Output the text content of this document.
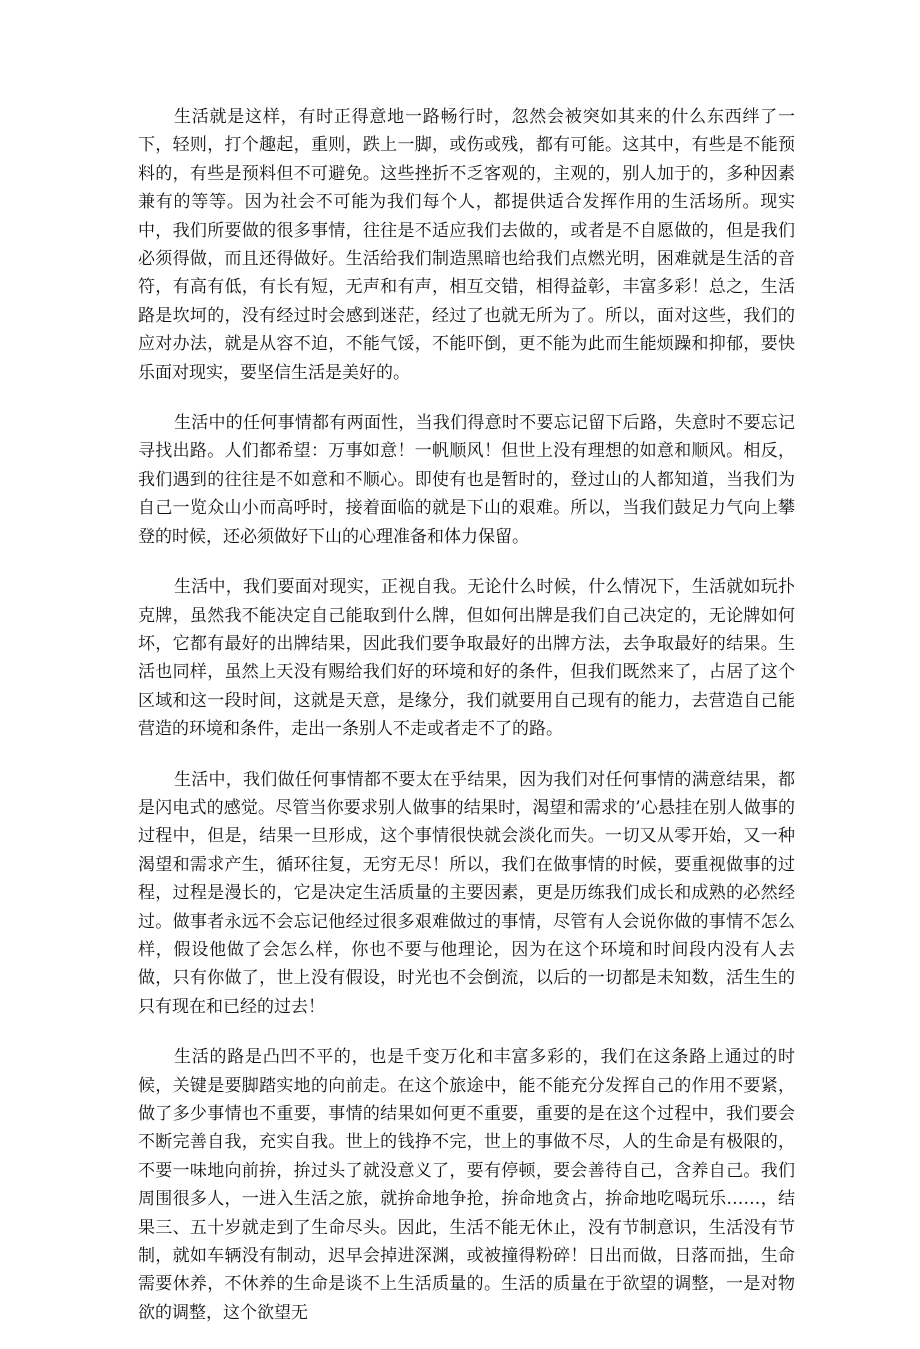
生活就是这样，有时正得意地一路畅行时，忽然会被突如其来的什么东西绊了一下，轻则，打个趣起，重则，跌上一脚，或伤或残，都有可能。这其中，有些是不能预料的，有些是预料但不可避免。这些挫折不乏客观的，主观的，别人加于的，多种因素兼有的等等。因为社会不可能为我们每个人，都提供适合发挥作用的生活场所。现实中，我们所要做的很多事情，往往是不适应我们去做的，或者是不自愿做的，但是我们必须得做，而且还得做好。生活给我们制造黑暗也给我们点燃光明，困难就是生活的音符，有高有低，有长有短，无声和有声，相互交错，相得益彰，丰富多彩！总之，生活路是坎坷的，没有经过时会感到迷茫，经过了也就无所为了。所以，面对这些，我们的应对办法，就是从容不迫，不能气馁，不能吓倒，更不能为此而生能烦躁和抑郁，要快乐面对现实，要坚信生活是美好的。

生活中的任何事情都有两面性，当我们得意时不要忘记留下后路，失意时不要忘记寻找出路。人们都希望：万事如意！一帆顺风！但世上没有理想的如意和顺风。相反，我们遇到的往往是不如意和不顺心。即使有也是暂时的，登过山的人都知道，当我们为自己一览众山小而高呼时，接着面临的就是下山的艰难。所以，当我们鼓足力气向上攀登的时候，还必须做好下山的心理准备和体力保留。

生活中，我们要面对现实，正视自我。无论什么时候，什么情况下，生活就如玩扑克牌，虽然我不能决定自己能取到什么牌，但如何出牌是我们自己决定的，无论牌如何坏，它都有最好的出牌结果，因此我们要争取最好的出牌方法，去争取最好的结果。生活也同样，虽然上天没有赐给我们好的环境和好的条件，但我们既然来了，占居了这个区域和这一段时间，这就是天意，是缘分，我们就要用自己现有的能力，去营造自己能营造的环境和条件，走出一条别人不走或者走不了的路。

生活中，我们做任何事情都不要太在乎结果，因为我们对任何事情的满意结果，都是闪电式的感觉。尽管当你要求别人做事的结果时，渴望和需求的’心悬挂在别人做事的过程中，但是，结果一旦形成，这个事情很快就会淡化而失。一切又从零开始，又一种渴望和需求产生，循环往复，无穷无尽！所以，我们在做事情的时候，要重视做事的过程，过程是漫长的，它是决定生活质量的主要因素，更是历练我们成长和成熟的必然经过。做事者永远不会忘记他经过很多艰难做过的事情，尽管有人会说你做的事情不怎么样，假设他做了会怎么样，你也不要与他理论，因为在这个环境和时间段内没有人去做，只有你做了，世上没有假设，时光也不会倒流，以后的一切都是未知数，活生生的只有现在和已经的过去！

生活的路是凸凹不平的，也是千变万化和丰富多彩的，我们在这条路上通过的时候，关键是要脚踏实地的向前走。在这个旅途中，能不能充分发挥自己的作用不要紧，做了多少事情也不重要，事情的结果如何更不重要，重要的是在这个过程中，我们要会不断完善自我，充实自我。世上的钱挣不完，世上的事做不尽，人的生命是有极限的，不要一味地向前拚，拚过头了就没意义了，要有停顿，要会善待自己，含养自己。我们周围很多人，一进入生活之旅，就拚命地争抢，拚命地贪占，拚命地吃喝玩乐……，结果三、五十岁就走到了生命尽头。因此，生活不能无休止，没有节制意识，生活没有节制，就如车辆没有制动，迟早会掉进深渊，或被撞得粉碎！日出而做，日落而拙，生命需要休养，不休养的生命是谈不上生活质量的。生活的质量在于欲望的调整，一是对物欲的调整，这个欲望无
